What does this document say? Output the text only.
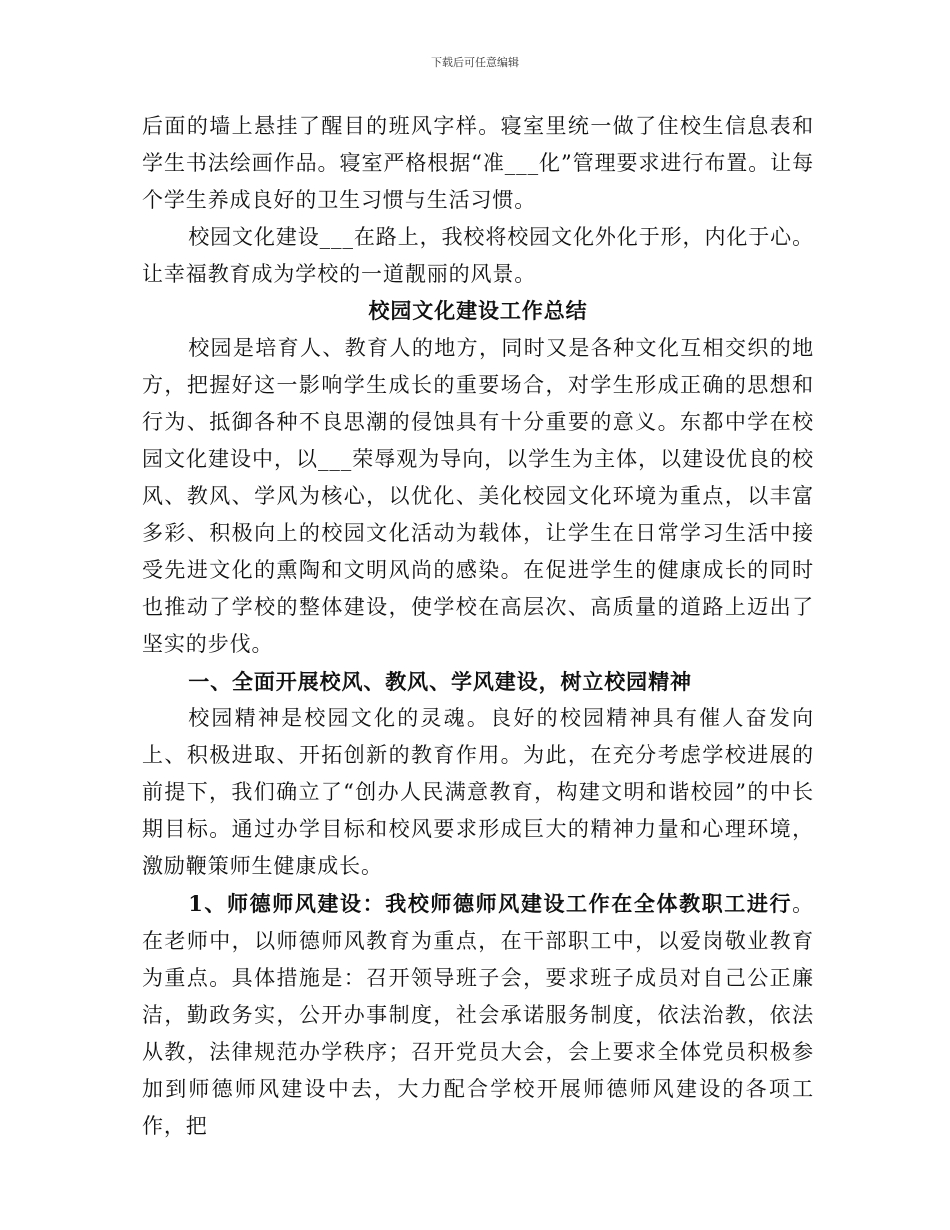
下载后可任意编辑

后面的墙上悬挂了醒目的班风字样。寝室里统一做了住校生信息表和学生书法绘画作品。寝室严格根据“准___化”管理要求进行布置。让每个学生养成良好的卫生习惯与生活习惯。

校园文化建设___在路上，我校将校园文化外化于形，内化于心。让幸福教育成为学校的一道靓丽的风景。

校园文化建设工作总结

校园是培育人、教育人的地方，同时又是各种文化互相交织的地方，把握好这一影响学生成长的重要场合，对学生形成正确的思想和行为、抵御各种不良思潮的侵蚀具有十分重要的意义。东都中学在校园文化建设中，以___荣辱观为导向，以学生为主体，以建设优良的校风、教风、学风为核心，以优化、美化校园文化环境为重点，以丰富多彩、积极向上的校园文化活动为载体，让学生在日常学习生活中接受先进文化的熏陶和文明风尚的感染。在促进学生的健康成长的同时也推动了学校的整体建设，使学校在高层次、高质量的道路上迈出了坚实的步伐。

一、全面开展校风、教风、学风建设，树立校园精神

校园精神是校园文化的灵魂。良好的校园精神具有催人奋发向上、积极进取、开拓创新的教育作用。为此，在充分考虑学校进展的前提下，我们确立了“创办人民满意教育，构建文明和谐校园”的中长期目标。通过办学目标和校风要求形成巨大的精神力量和心理环境，激励鞭策师生健康成长。

1、师德师风建设：我校师德师风建设工作在全体教职工进行。在老师中，以师德师风教育为重点，在干部职工中，以爱岗敬业教育为重点。具体措施是：召开领导班子会，要求班子成员对自己公正廉洁，勤政务实，公开办事制度，社会承诺服务制度，依法治教，依法从教，法律规范办学秩序；召开党员大会，会上要求全体党员积极参加到师德师风建设中去，大力配合学校开展师德师风建设的各项工作，把
